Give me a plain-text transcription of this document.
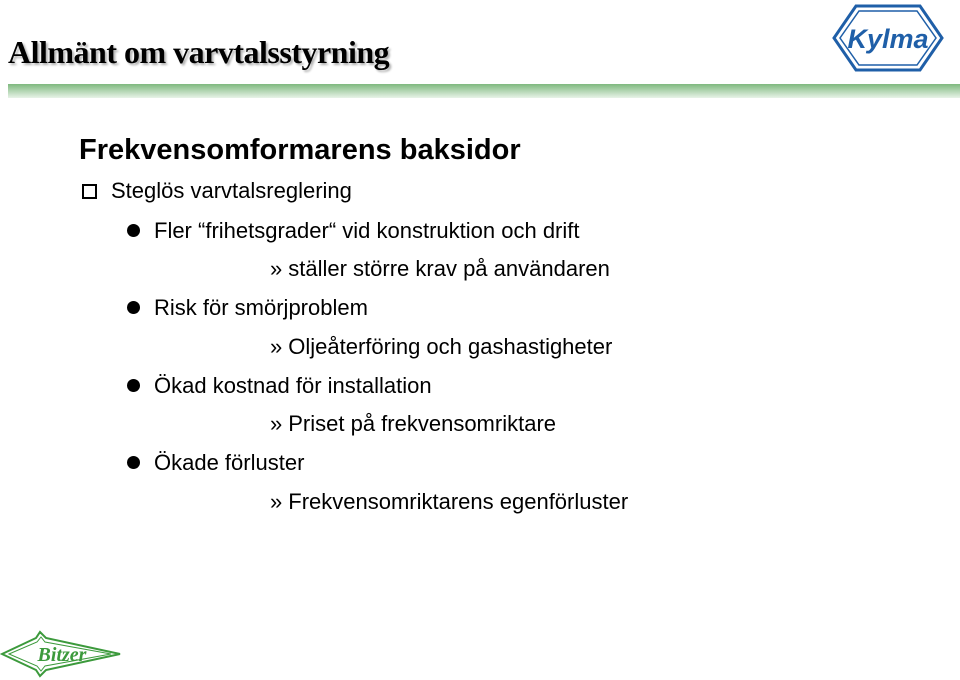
Allmänt om varvtalsstyrning	Kylma
Frekvensomformarens baksidor
Steglös varvtalsreglering
Fler “frihetsgrader“ vid konstruktion och drift
» ställer större krav på användaren
Risk för smörjproblem
» Oljeåterföring och gashastigheter
Ökad kostnad för installation
» Priset på frekvensomriktare
Ökade förluster
» Frekvensomriktarens egenförluster
Bitzer
